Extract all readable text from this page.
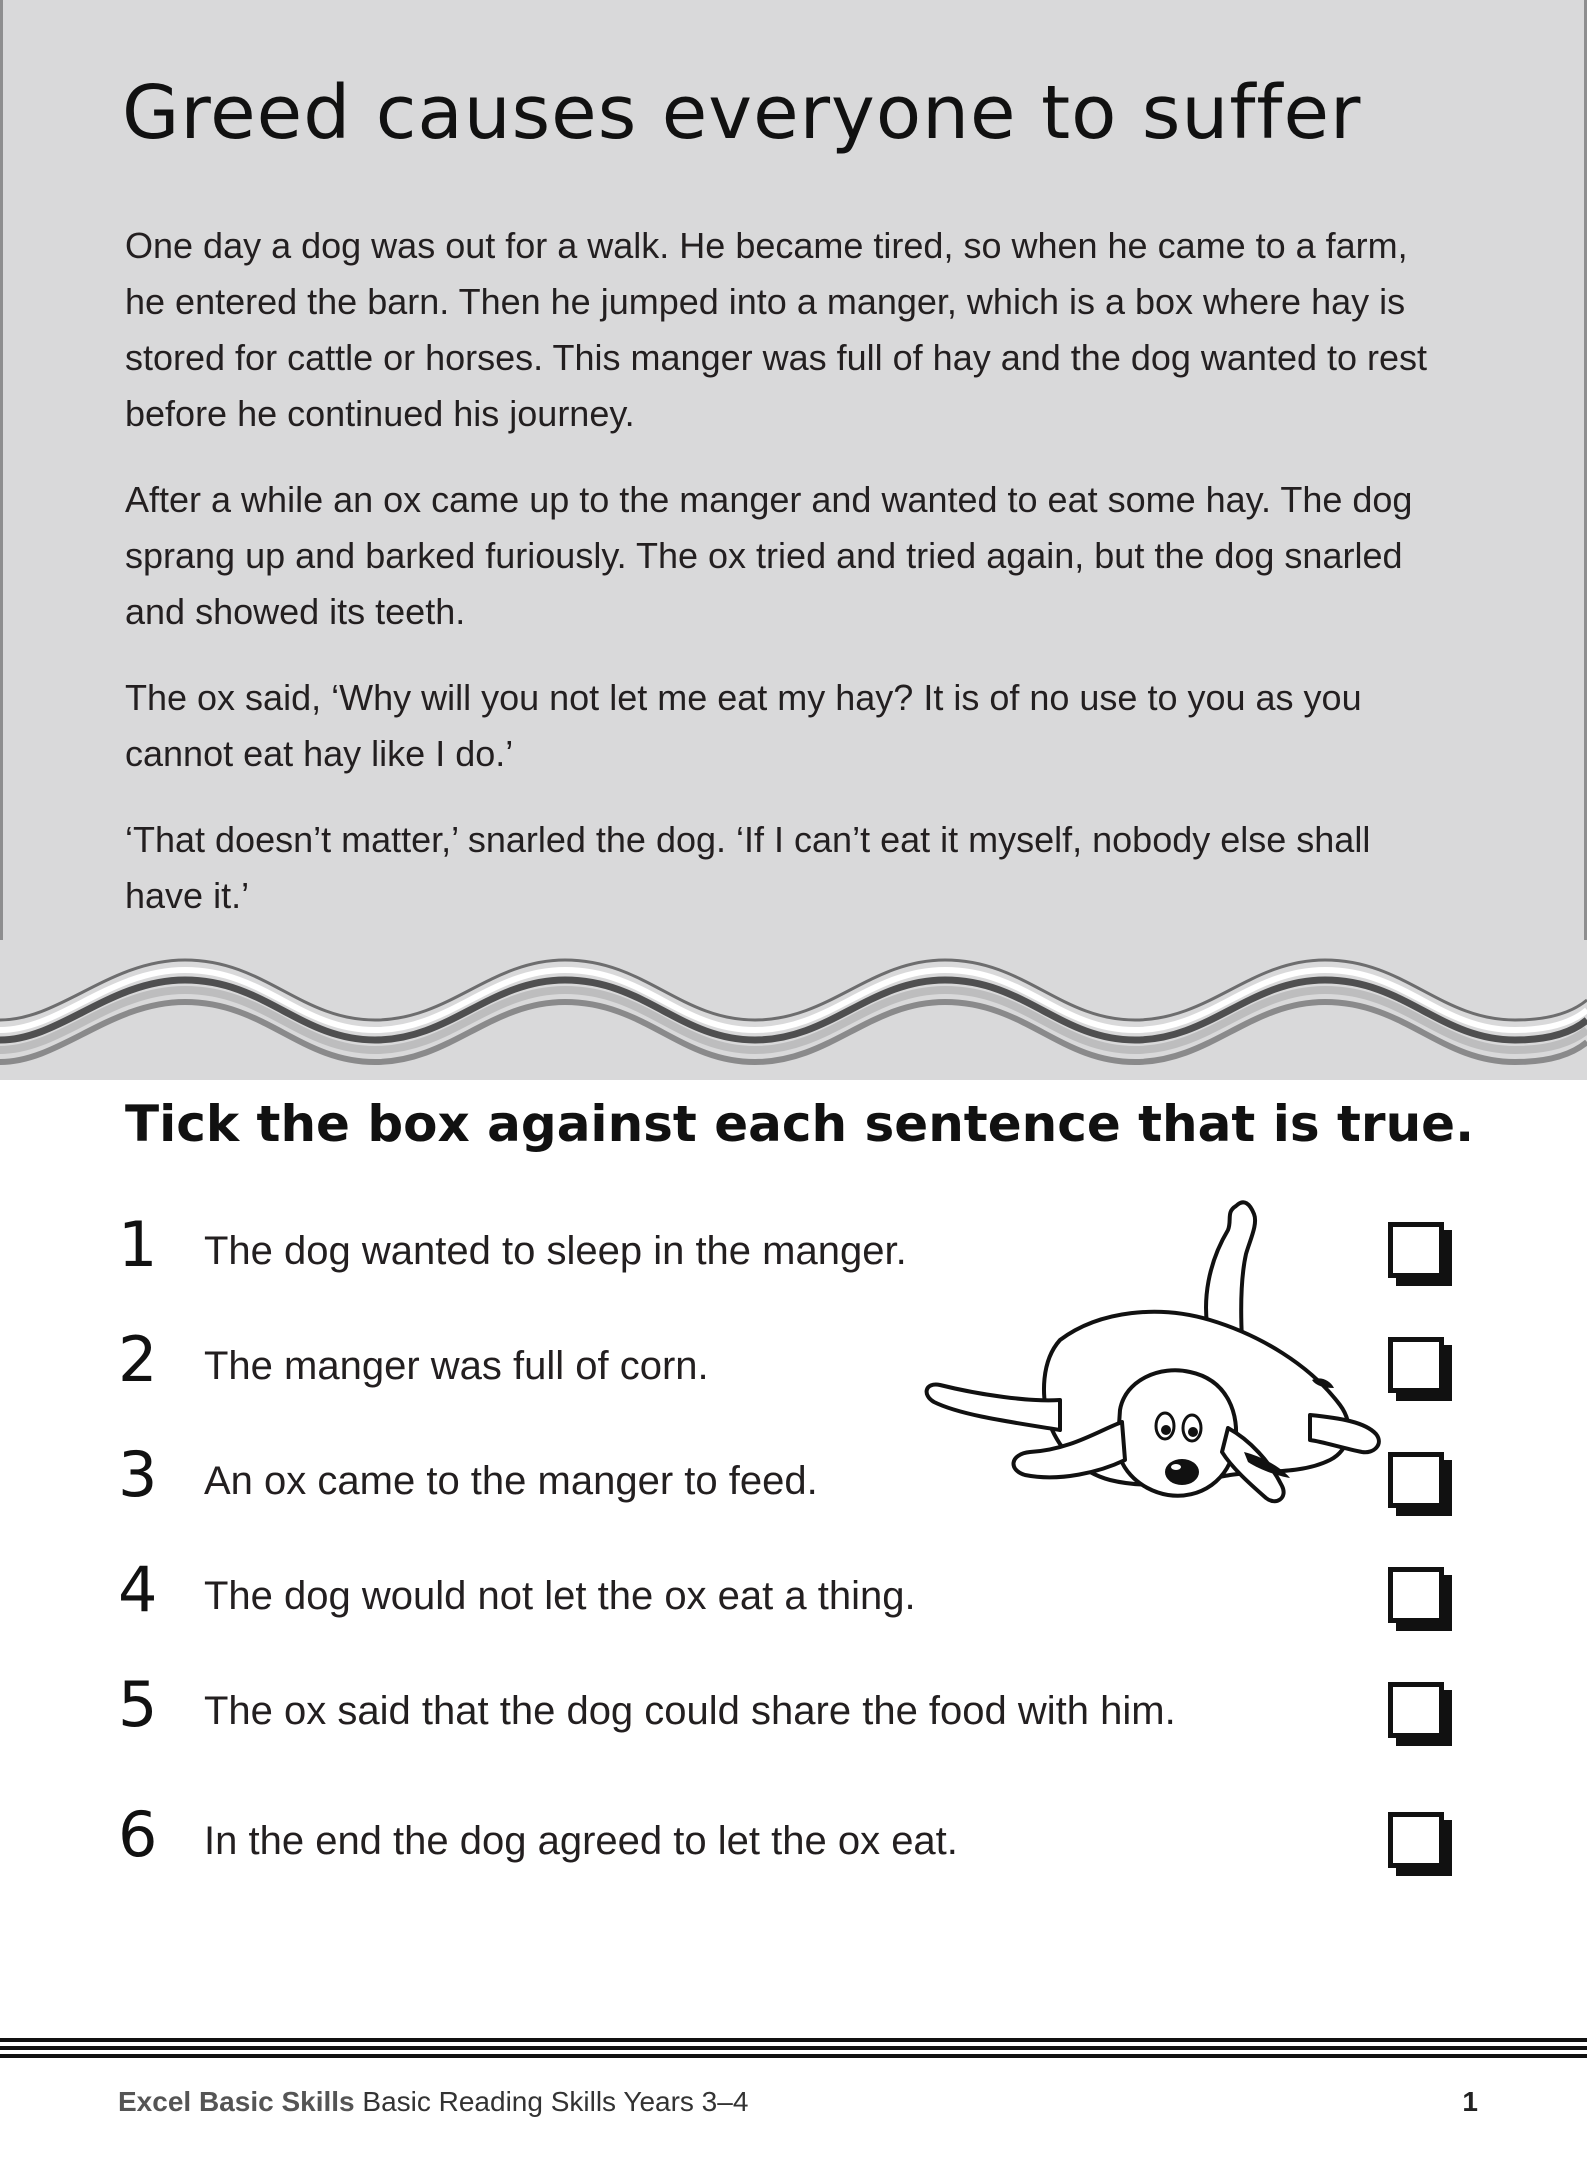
Greed causes everyone to suffer

One day a dog was out for a walk. He became tired, so when he came to a farm, he entered the barn. Then he jumped into a manger, which is a box where hay is stored for cattle or horses. This manger was full of hay and the dog wanted to rest before he continued his journey.

After a while an ox came up to the manger and wanted to eat some hay. The dog sprang up and barked furiously. The ox tried and tried again, but the dog snarled and showed its teeth.

The ox said, ‘Why will you not let me eat my hay? It is of no use to you as you cannot eat hay like I do.’

‘That doesn’t matter,’ snarled the dog. ‘If I can’t eat it myself, nobody else shall have it.’

Tick the box against each sentence that is true.
1	The dog wanted to sleep in the manger.
2	The manger was full of corn.
3	An ox came to the manger to feed.
4	The dog would not let the ox eat a thing.
5	The ox said that the dog could share the food with him.
6	In the end the dog agreed to let the ox eat.
Excel Basic Skills Basic Reading Skills Years 3–4	1
